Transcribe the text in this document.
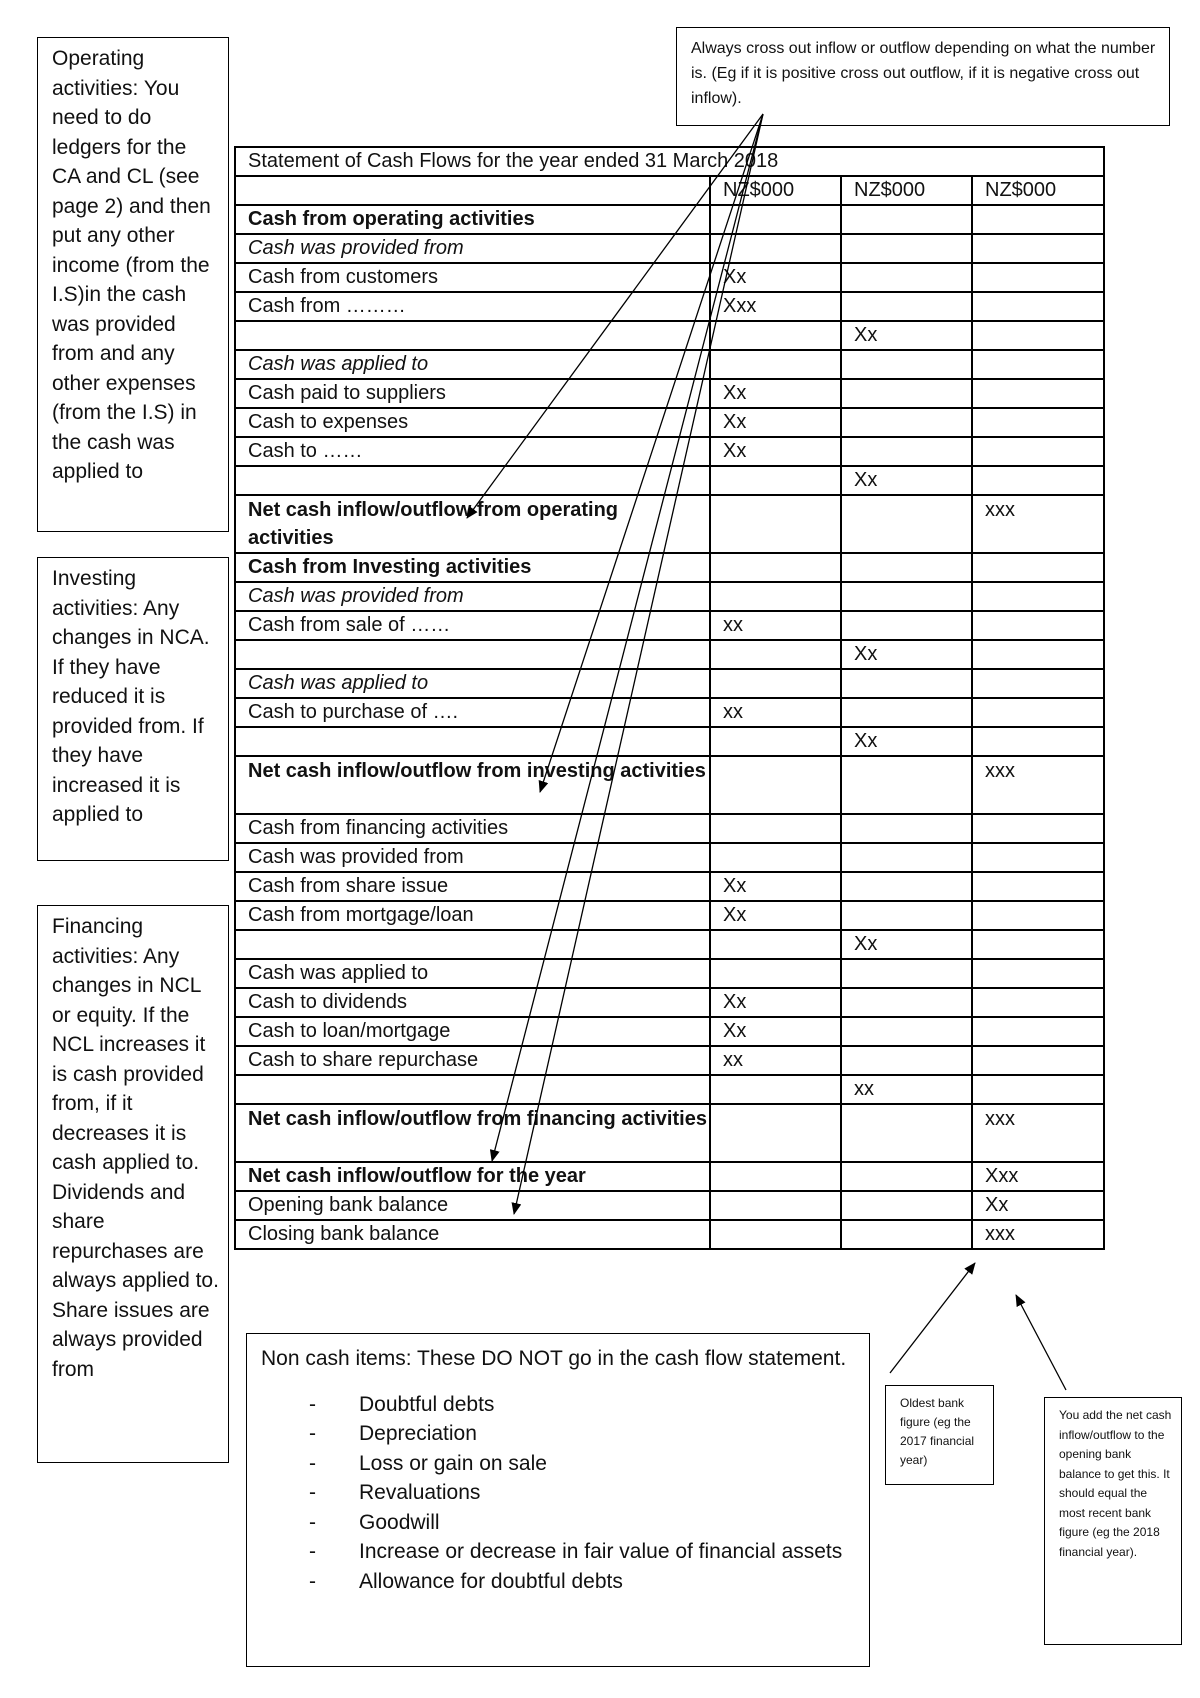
Operating activities: You need to do ledgers for the CA and CL (see page 2) and then put any other income (from the I.S)in the cash was provided from and any other expenses (from the I.S) in the cash was applied to
Investing activities: Any changes in NCA. If they have reduced it is provided from. If they have increased it is applied to
Financing activities: Any changes in NCL or equity. If the NCL increases it is cash provided from, if it decreases it is cash applied to. Dividends and share repurchases are always applied to. Share issues are always provided from
Always cross out inflow or outflow depending on what the number is. (Eg if it is positive cross out outflow, if it is negative cross out inflow).
Statement of Cash Flows for the year ended 31 March 2018			
	NZ$000	NZ$000	NZ$000
Cash from operating activities			
Cash was provided from			
Cash from customers	Xx		
Cash from ………	Xxx		
		Xx	
Cash was applied to			
Cash paid to suppliers	Xx		
Cash to expenses	Xx		
Cash to ……	Xx		
		Xx	
Net cash inflow/outflow from operating activities			xxx
Cash from Investing activities			
Cash was provided from			
Cash from sale of ……	xx		
		Xx	
Cash was applied to			
Cash to purchase of ….	xx		
		Xx	
Net cash inflow/outflow from investing activities			xxx
Cash from financing activities			
Cash was provided from			
Cash from share issue	Xx		
Cash from mortgage/loan	Xx		
		Xx	
Cash was applied to			
Cash to dividends	Xx		
Cash to loan/mortgage	Xx		
Cash to share repurchase	xx		
		xx	
Net cash inflow/outflow from financing activities			xxx
Net cash inflow/outflow for the year			Xxx
Opening bank balance			Xx
Closing bank balance			xxx
Non cash items: These DO NOT go in the cash flow statement.
-	Doubtful debts
-	Depreciation
-	Loss or gain on sale
-	Revaluations
-	Goodwill
-	Increase or decrease in fair value of financial assets
-	Allowance for doubtful debts
Oldest bank figure (eg the 2017 financial year)
You add the net cash inflow/outflow to the opening bank balance to get this. It should equal the most recent bank figure (eg the 2018 financial year).
